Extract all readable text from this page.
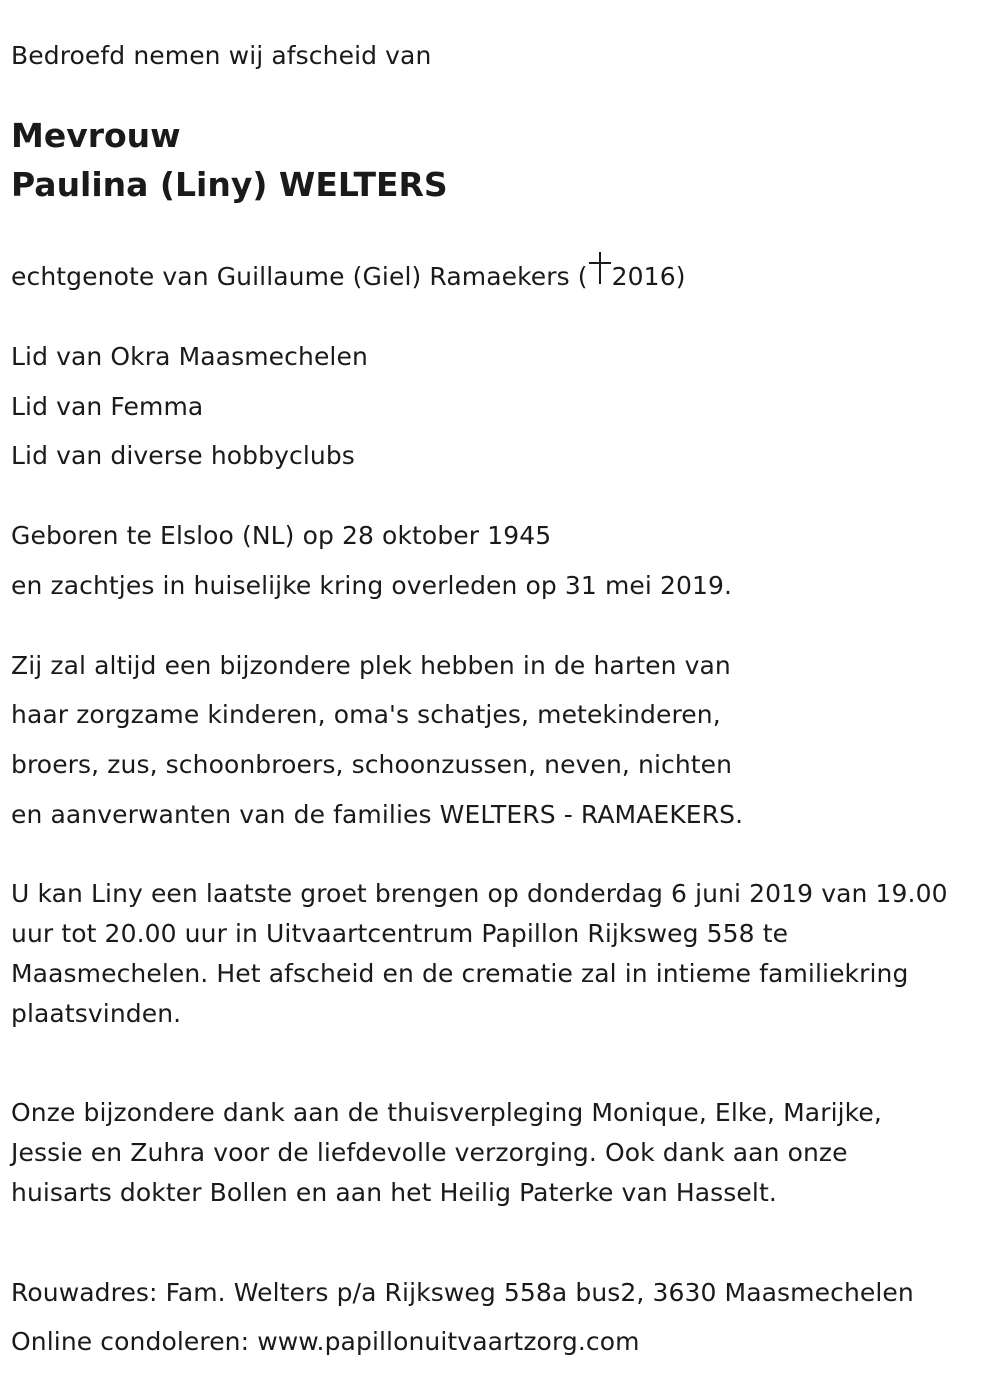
Bedroefd nemen wij afscheid van
Mevrouw
Paulina (Liny) WELTERS
echtgenote van Guillaume (Giel) Ramaekers ( 2016)
Lid van Okra Maasmechelen
Lid van Femma
Lid van diverse hobbyclubs
Geboren te Elsloo (NL) op 28 oktober 1945
en zachtjes in huiselijke kring overleden op 31 mei 2019.
Zij zal altijd een bijzondere plek hebben in de harten van
haar zorgzame kinderen, oma's schatjes, metekinderen,
broers, zus, schoonbroers, schoonzussen, neven, nichten
en aanverwanten van de families WELTERS - RAMAEKERS.
U kan Liny een laatste groet brengen op donderdag 6 juni 2019 van 19.00
uur tot 20.00 uur in Uitvaartcentrum Papillon Rijksweg 558 te
Maasmechelen. Het afscheid en de crematie zal in intieme familiekring
plaatsvinden.
Onze bijzondere dank aan de thuisverpleging Monique, Elke, Marijke,
Jessie en Zuhra voor de liefdevolle verzorging. Ook dank aan onze
huisarts dokter Bollen en aan het Heilig Paterke van Hasselt.
Rouwadres: Fam. Welters p/a Rijksweg 558a bus2, 3630 Maasmechelen
Online condoleren: www.papillonuitvaartzorg.com
